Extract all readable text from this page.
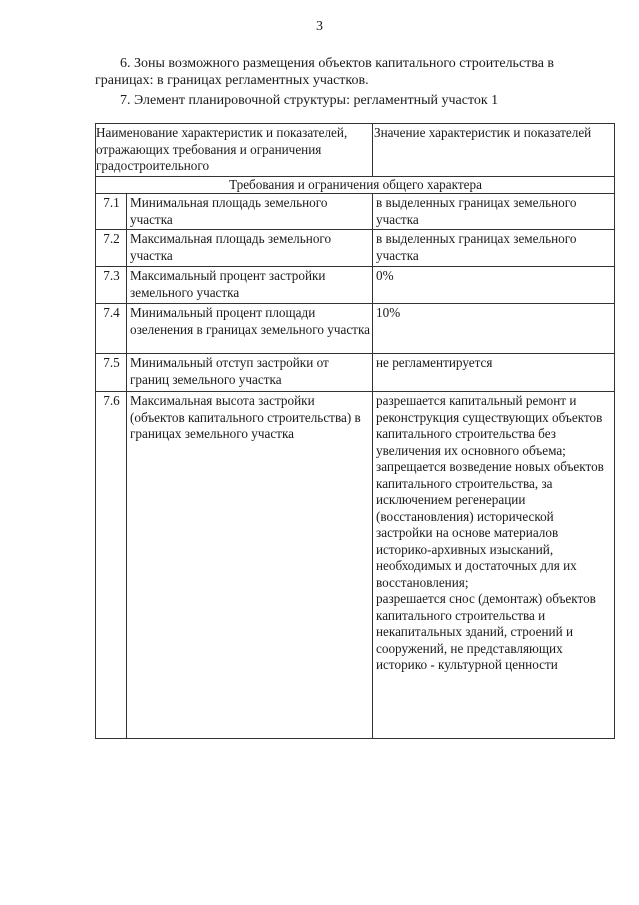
3
6. Зоны возможного размещения объектов капитального строительства в границах: в границах регламентных участков.
7. Элемент планировочной структуры: регламентный участок 1
Наименование характеристик и показателей, отражающих требования и ограничения градостроительного		Значение характеристик и показателей
Требования и ограничения общего характера		
7.1	Минимальная площадь земельного участка	в выделенных границах земельного участка
7.2	Максимальная площадь земельного участка	в выделенных границах земельного участка
7.3	Максимальный процент застройки земельного участка	0%
7.4	Минимальный процент площади озеленения в границах земельного участка	10%
7.5	Минимальный отступ застройки от границ земельного участка	не регламентируется
7.6	Максимальная высота застройки (объектов капитального строительства) в границах земельного участка	разрешается капитальный ремонт и реконструкция существующих объектов капитального строительства без увеличения их основного объема;
запрещается возведение новых объектов капитального строительства, за исключением регенерации (восстановления) исторической застройки на основе материалов историко-архивных изысканий, необходимых и достаточных для их восстановления;
разрешается снос (демонтаж) объектов капитального строительства и некапитальных зданий, строений и сооружений, не представляющих историко - культурной ценности
